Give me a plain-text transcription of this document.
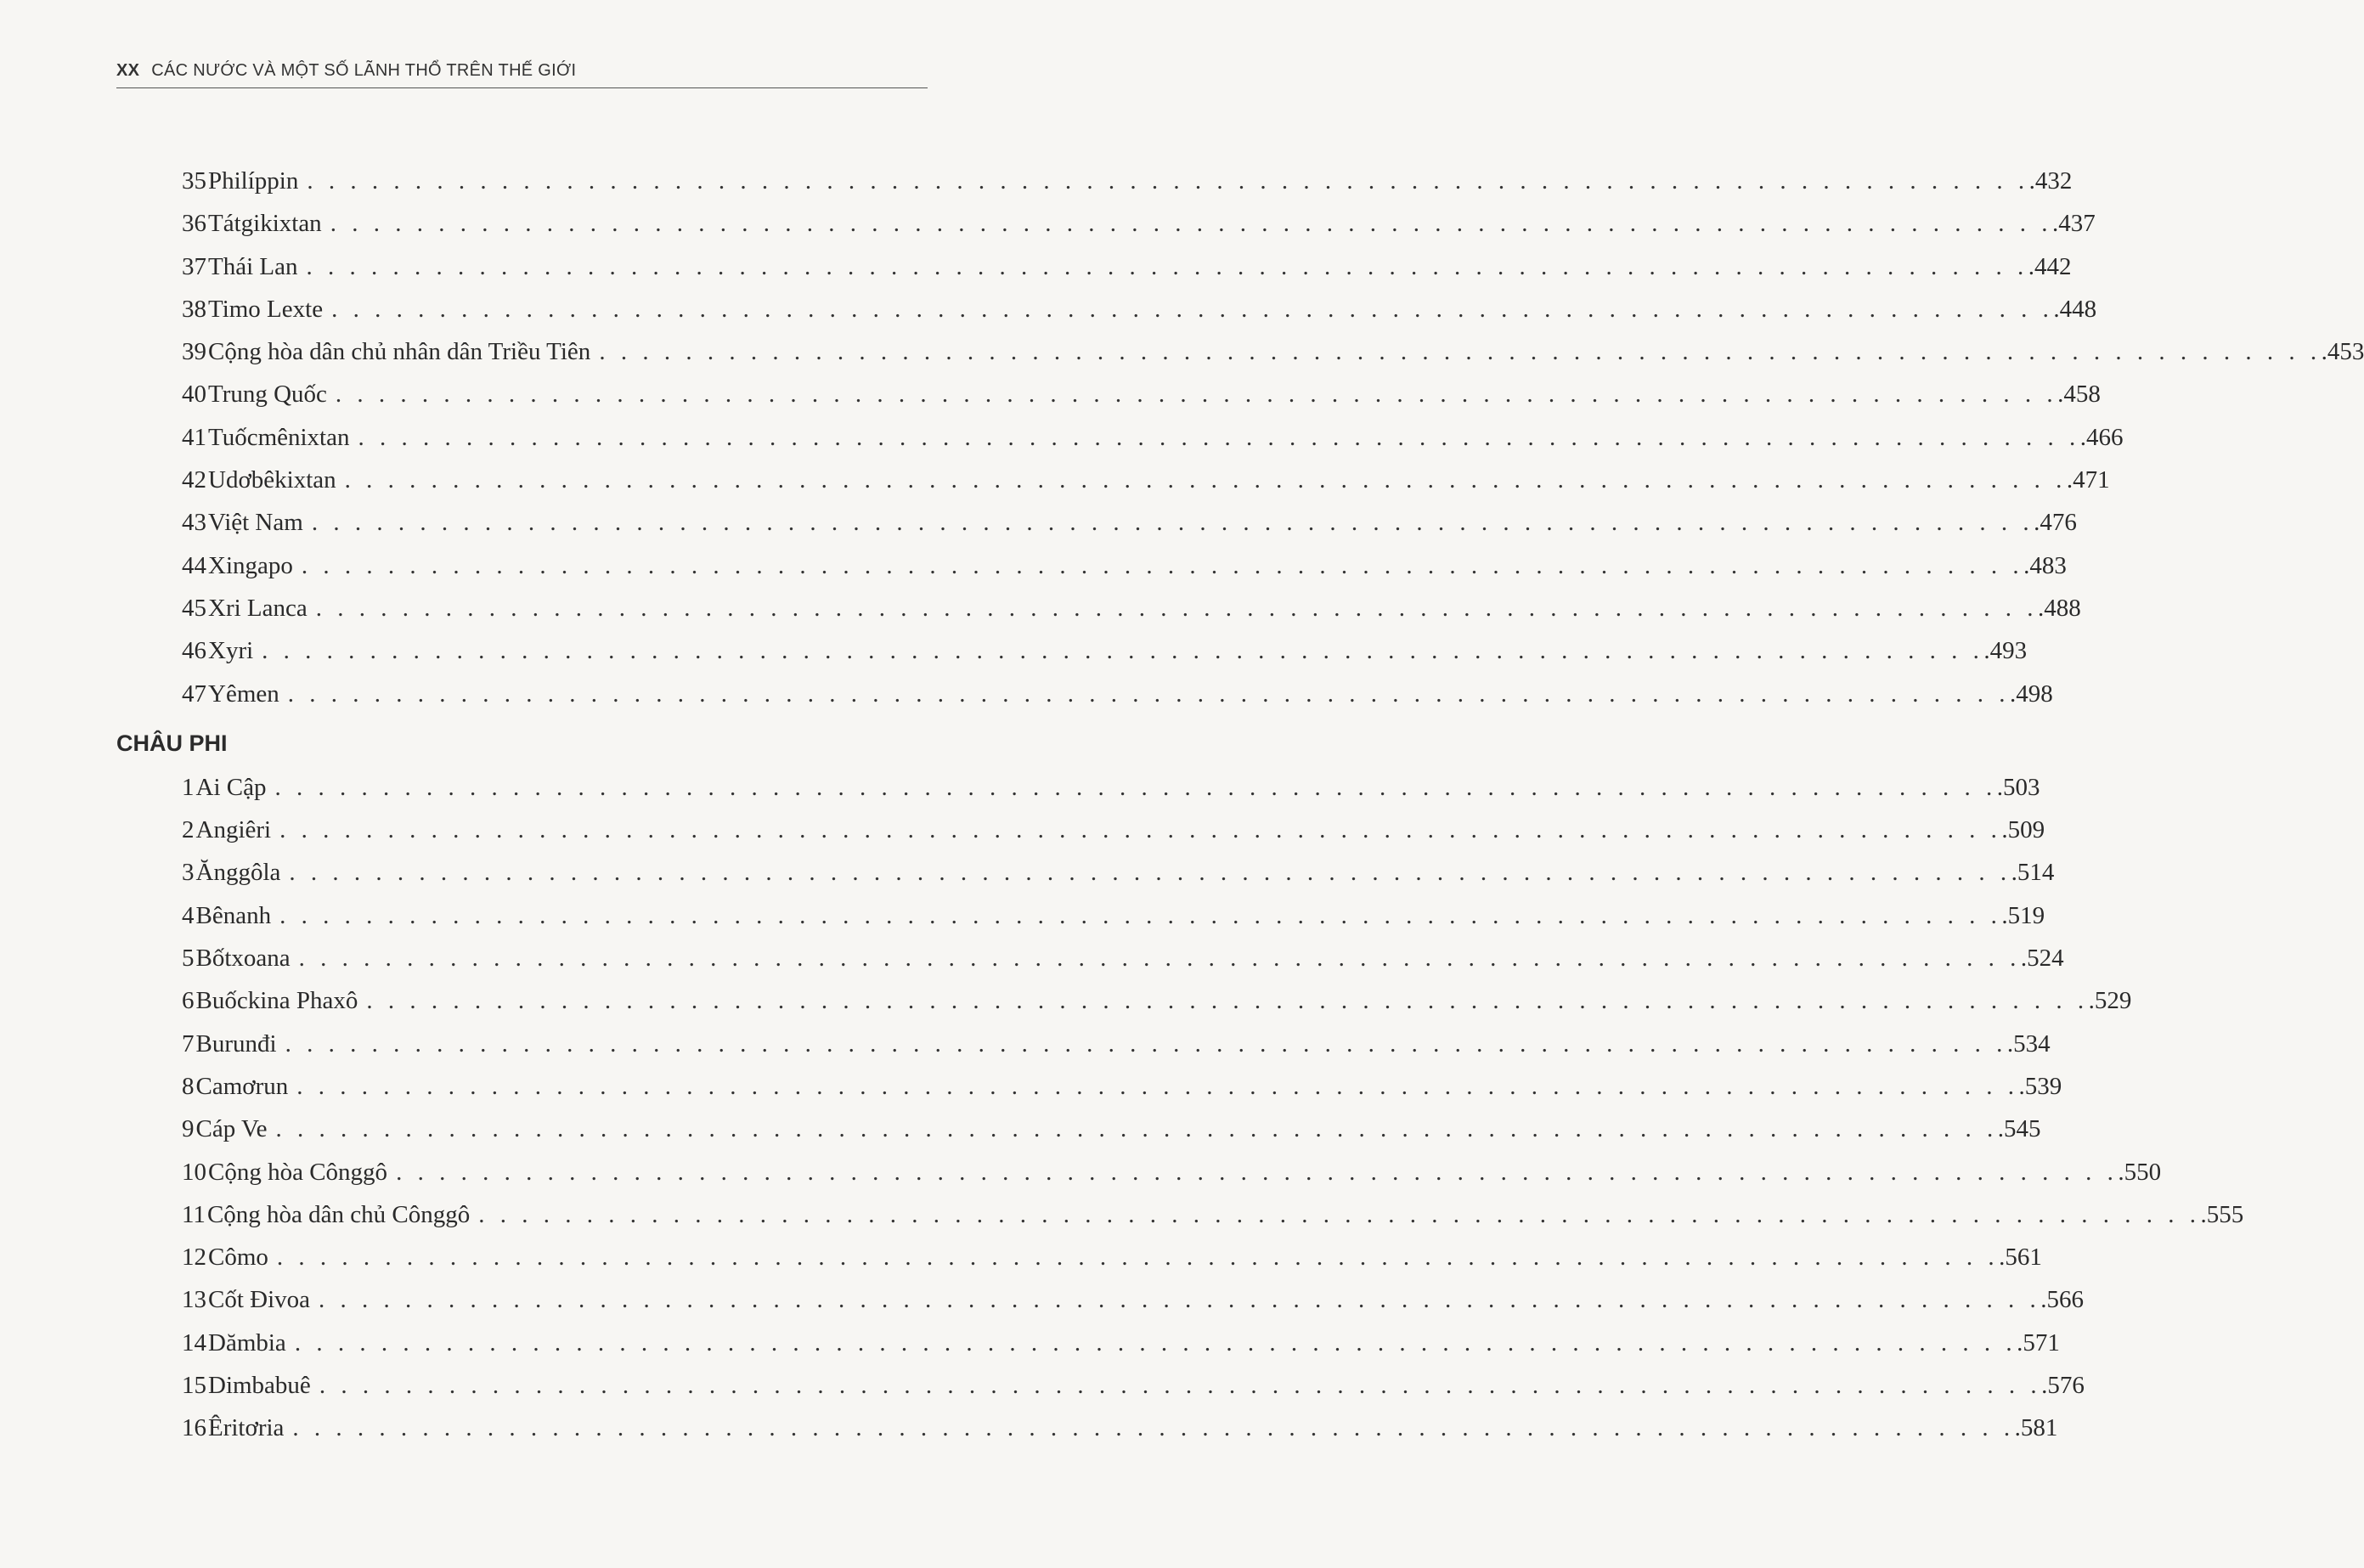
XX CÁC NƯỚC VÀ MỘT SỐ LÃNH THỔ TRÊN THẾ GIỚI
35 Philíppin . . . . . . . . . . . . . . . . . . . . . . . . . . . . . . . . . . . . . . . . . . . . . . . . . . . . . . . . . . . . . . . . . . . . . . . . . . . . . . . . .432
36 Tátgikixtan . . . . . . . . . . . . . . . . . . . . . . . . . . . . . . . . . . . . . . . . . . . . . . . . . . . . . . . . . . . . . . . . . . . . . . . . . . . . . . . . .437
37 Thái Lan . . . . . . . . . . . . . . . . . . . . . . . . . . . . . . . . . . . . . . . . . . . . . . . . . . . . . . . . . . . . . . . . . . . . . . . . . . . . . . . . .442
38 Timo Lexte . . . . . . . . . . . . . . . . . . . . . . . . . . . . . . . . . . . . . . . . . . . . . . . . . . . . . . . . . . . . . . . . . . . . . . . . . . . . . . . . .448
39 Cộng hòa dân chủ nhân dân Triều Tiên . . . . . . . . . . . . . . . . . . . . . . . . . . . . . . . . . . . . . . . . . . . . . . . . . . . . . . . . . . . . . . . . . . . . . . . . . . . . . . . . .453
40 Trung Quốc . . . . . . . . . . . . . . . . . . . . . . . . . . . . . . . . . . . . . . . . . . . . . . . . . . . . . . . . . . . . . . . . . . . . . . . . . . . . . . . . .458
41 Tuốcmênixtan . . . . . . . . . . . . . . . . . . . . . . . . . . . . . . . . . . . . . . . . . . . . . . . . . . . . . . . . . . . . . . . . . . . . . . . . . . . . . . . . .466
42 Udơbêkixtan . . . . . . . . . . . . . . . . . . . . . . . . . . . . . . . . . . . . . . . . . . . . . . . . . . . . . . . . . . . . . . . . . . . . . . . . . . . . . . . . .471
43 Việt Nam . . . . . . . . . . . . . . . . . . . . . . . . . . . . . . . . . . . . . . . . . . . . . . . . . . . . . . . . . . . . . . . . . . . . . . . . . . . . . . . . .476
44 Xingapo . . . . . . . . . . . . . . . . . . . . . . . . . . . . . . . . . . . . . . . . . . . . . . . . . . . . . . . . . . . . . . . . . . . . . . . . . . . . . . . . .483
45 Xri Lanca . . . . . . . . . . . . . . . . . . . . . . . . . . . . . . . . . . . . . . . . . . . . . . . . . . . . . . . . . . . . . . . . . . . . . . . . . . . . . . . . .488
46 Xyri . . . . . . . . . . . . . . . . . . . . . . . . . . . . . . . . . . . . . . . . . . . . . . . . . . . . . . . . . . . . . . . . . . . . . . . . . . . . . . . . .493
47 Yêmen . . . . . . . . . . . . . . . . . . . . . . . . . . . . . . . . . . . . . . . . . . . . . . . . . . . . . . . . . . . . . . . . . . . . . . . . . . . . . . . . .498
CHÂU PHI
1 Ai Cập . . . . . . . . . . . . . . . . . . . . . . . . . . . . . . . . . . . . . . . . . . . . . . . . . . . . . . . . . . . . . . . . . . . . . . . . . . . . . . . . .503
2 Angiêri . . . . . . . . . . . . . . . . . . . . . . . . . . . . . . . . . . . . . . . . . . . . . . . . . . . . . . . . . . . . . . . . . . . . . . . . . . . . . . . . .509
3 Ănggôla . . . . . . . . . . . . . . . . . . . . . . . . . . . . . . . . . . . . . . . . . . . . . . . . . . . . . . . . . . . . . . . . . . . . . . . . . . . . . . . . .514
4 Bênanh . . . . . . . . . . . . . . . . . . . . . . . . . . . . . . . . . . . . . . . . . . . . . . . . . . . . . . . . . . . . . . . . . . . . . . . . . . . . . . . . .519
5 Bốtxoana . . . . . . . . . . . . . . . . . . . . . . . . . . . . . . . . . . . . . . . . . . . . . . . . . . . . . . . . . . . . . . . . . . . . . . . . . . . . . . . . .524
6 Buốckina Phaxô . . . . . . . . . . . . . . . . . . . . . . . . . . . . . . . . . . . . . . . . . . . . . . . . . . . . . . . . . . . . . . . . . . . . . . . . . . . . . . . . .529
7 Burunđi . . . . . . . . . . . . . . . . . . . . . . . . . . . . . . . . . . . . . . . . . . . . . . . . . . . . . . . . . . . . . . . . . . . . . . . . . . . . . . . . .534
8 Camơrun . . . . . . . . . . . . . . . . . . . . . . . . . . . . . . . . . . . . . . . . . . . . . . . . . . . . . . . . . . . . . . . . . . . . . . . . . . . . . . . . .539
9 Cáp Ve . . . . . . . . . . . . . . . . . . . . . . . . . . . . . . . . . . . . . . . . . . . . . . . . . . . . . . . . . . . . . . . . . . . . . . . . . . . . . . . . .545
10 Cộng hòa Cônggô . . . . . . . . . . . . . . . . . . . . . . . . . . . . . . . . . . . . . . . . . . . . . . . . . . . . . . . . . . . . . . . . . . . . . . . . . . . . . . . . .550
11 Cộng hòa dân chủ Cônggô . . . . . . . . . . . . . . . . . . . . . . . . . . . . . . . . . . . . . . . . . . . . . . . . . . . . . . . . . . . . . . . . . . . . . . . . . . . . . . . . .555
12 Cômo . . . . . . . . . . . . . . . . . . . . . . . . . . . . . . . . . . . . . . . . . . . . . . . . . . . . . . . . . . . . . . . . . . . . . . . . . . . . . . . . .561
13 Cốt Đivoa . . . . . . . . . . . . . . . . . . . . . . . . . . . . . . . . . . . . . . . . . . . . . . . . . . . . . . . . . . . . . . . . . . . . . . . . . . . . . . . . .566
14 Dămbia . . . . . . . . . . . . . . . . . . . . . . . . . . . . . . . . . . . . . . . . . . . . . . . . . . . . . . . . . . . . . . . . . . . . . . . . . . . . . . . . .571
15 Dimbabuê . . . . . . . . . . . . . . . . . . . . . . . . . . . . . . . . . . . . . . . . . . . . . . . . . . . . . . . . . . . . . . . . . . . . . . . . . . . . . . . . .576
16 Êritơria . . . . . . . . . . . . . . . . . . . . . . . . . . . . . . . . . . . . . . . . . . . . . . . . . . . . . . . . . . . . . . . . . . . . . . . . . . . . . . . . .581
